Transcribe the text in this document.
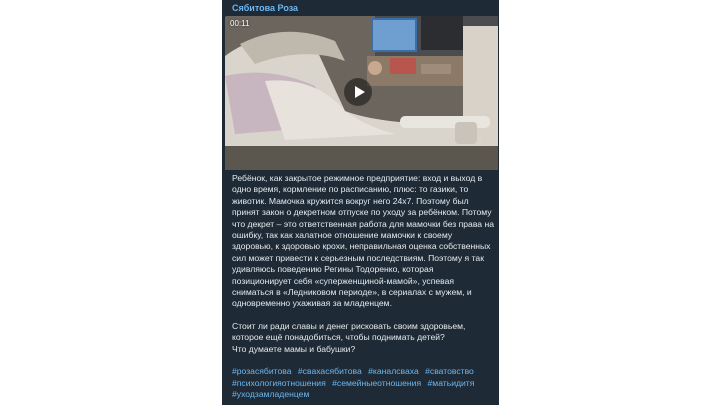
Сябитова Роза
00:11

Ребёнок, как закрытое режимное предприятие: вход и выход в одно время, кормление по расписанию, плюс: то газики, то животик. Мамочка кружится вокруг него 24х7. Поэтому был принят закон о декретном отпуске по уходу за ребёнком. Потому что декрет – это ответственная работа для мамочки без права на ошибку, так как халатное отношение мамочки к своему здоровью, к здоровью крохи, неправильная оценка собственных сил может привести к серьезным последствиям. Поэтому я так удивляюсь поведению Регины Тодоренко, которая позиционирует себя «суперженщиной-мамой», успевая сниматься в «Ледниковом периоде», в сериалах с мужем, и одновременно ухаживая за младенцем.

Стоит ли ради славы и денег рисковать своим здоровьем, которое ещё понадобиться, чтобы поднимать детей?
Что думаете мамы и бабушки?

#розасябитова #свахасябитова #каналсваха #сватовство #психологияотношения #семейныеотношения #матьидитя #уходзамладенцем
